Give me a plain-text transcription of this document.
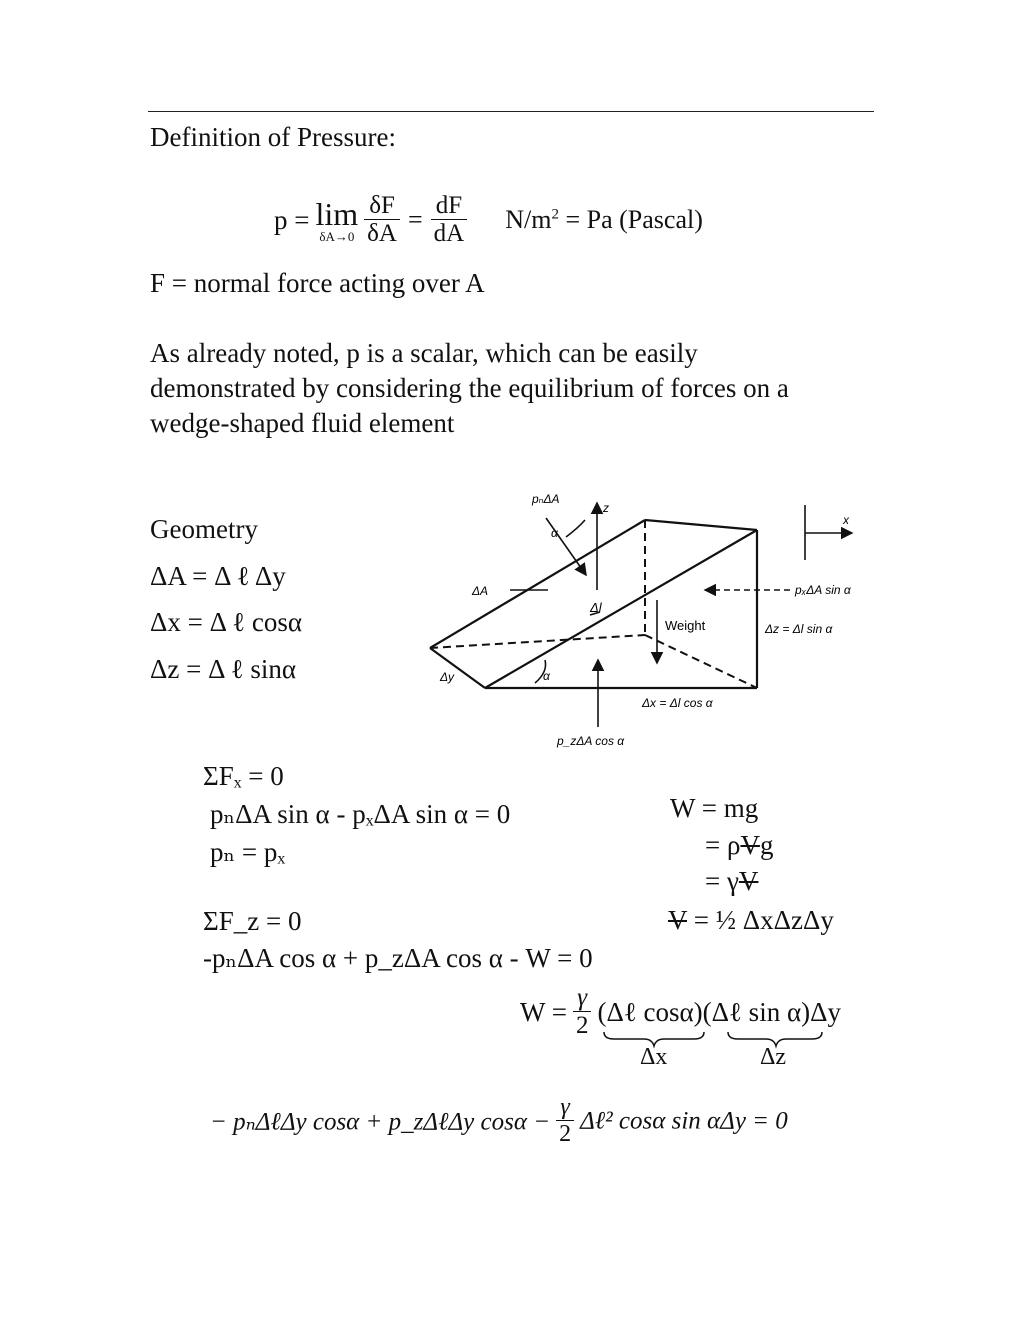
Definition of Pressure:
p = lim
δA→0
$\frac{\delta F}{\delta A} = \frac{dF}{dA} N/m^2 = Pa$ (Pascal)
F = normal force acting over A
As already noted, p is a scalar, which can be easily
demonstrated by considering the equilibrium of forces on a
wedge-shaped fluid element
Geometry
ΔA = Δ ℓ Δy
Δx = Δ ℓ cosα
Δz = Δ ℓ sinα
pₙΔA
z
α
ΔA
Δl
Weight
pₓΔA sin α
Δz = Δl sin α
Δy	α
Δx = Δl cos α
p_zΔA cos α
x
ΣFₓ = 0
pₙΔA sin α - pₓΔA sin α = 0
pₙ = pₓ
ΣF_z = 0
-pₙΔA cos α + p_zΔA cos α - W = 0
W = mg
= ρVg
= γV
V = ½ ΔxΔzΔy
$W = \frac{\gamma}{2}$ (Δℓ cosα)(Δℓ sin α)Δy
Δx	Δz
− pₙΔℓΔy cosα + p_zΔℓΔy $\cos\alpha - \frac{\gamma}{2}$ Δℓ² cosα sin αΔy = 0
